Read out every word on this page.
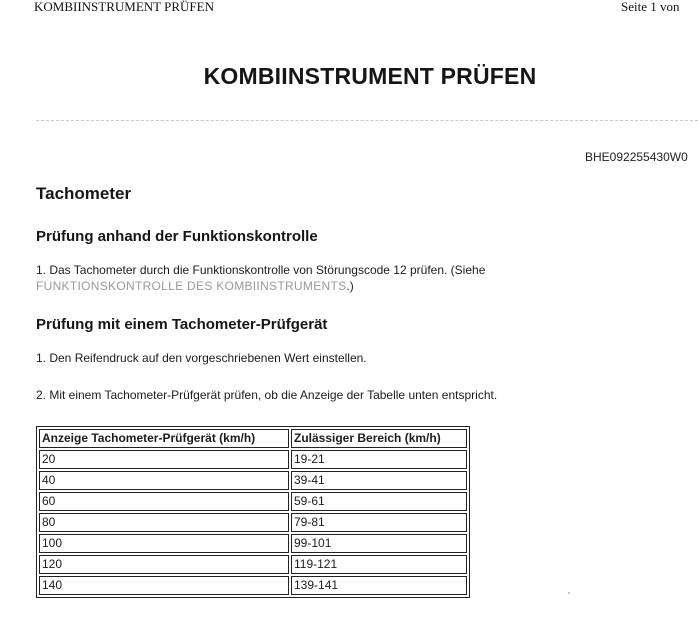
KOMBIINSTRUMENT PRÜFEN	Seite 1 von
KOMBIINSTRUMENT PRÜFEN
BHE092255430W0
Tachometer
Prüfung anhand der Funktionskontrolle
1. Das Tachometer durch die Funktionskontrolle von Störungscode 12 prüfen. (Siehe
FUNKTIONSKONTROLLE DES KOMBIINSTRUMENTS.)
Prüfung mit einem Tachometer-Prüfgerät
1. Den Reifendruck auf den vorgeschriebenen Wert einstellen.
2. Mit einem Tachometer-Prüfgerät prüfen, ob die Anzeige der Tabelle unten entspricht.
Anzeige Tachometer-Prüfgerät (km/h)	Zulässiger Bereich (km/h)
20	19-21
40	39-41
60	59-61
80	79-81
100	99-101
120	119-121
140	139-141
